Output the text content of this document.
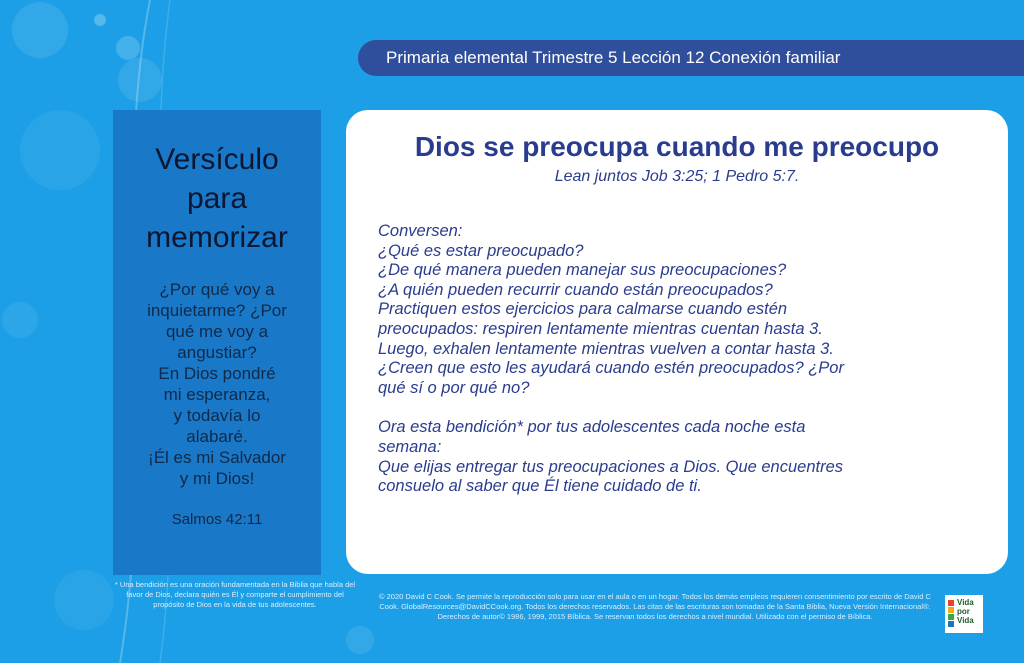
Primaria elemental Trimestre 5 Lección 12 Conexión familiar
Versículo
para
memorizar
¿Por qué voy a
inquietarme? ¿Por
qué me voy a
angustiar?
En Dios pondré
mi esperanza,
y todavía lo
alabaré.
¡Él es mi Salvador
y mi Dios!
Salmos 42:11
Dios se preocupa cuando me preocupo
Lean juntos Job 3:25; 1 Pedro 5:7.

Conversen:

¿Qué es estar preocupado?

¿De qué manera pueden manejar sus preocupaciones?

¿A quién pueden recurrir cuando están preocupados?

Practiquen estos ejercicios para calmarse cuando estén

preocupados: respiren lentamente mientras cuentan hasta 3.

Luego, exhalen lentamente mientras vuelven a contar hasta 3.

¿Creen que esto les ayudará cuando estén preocupados? ¿Por

qué sí o por qué no?

Ora esta bendición* por tus adolescentes cada noche esta

semana:

Que elijas entregar tus preocupaciones a Dios. Que encuentres

consuelo al saber que Él tiene cuidado de ti.

* Una bendición es una oración fundamentada en la Biblia que habla del favor de Dios, declara quién es Él y comparte el cumplimiento del propósito de Dios en la vida de tus adolescentes.
© 2020 David C Cook. Se permite la reproducción solo para usar en el aula o en un hogar. Todos los demás empleos requieren consentimiento por escrito de David C Cook. GlobalResources@DavidCCook.org. Todos los derechos reservados. Las citas de las escrituras son tomadas de la Santa Biblia, Nueva Versión Internacional®. Derechos de autor© 1986, 1999, 2015 Bíblica. Se reservan todos los derechos a nivel mundial. Utilizado con el permiso de Bíblica.
Vida
por
Vida
